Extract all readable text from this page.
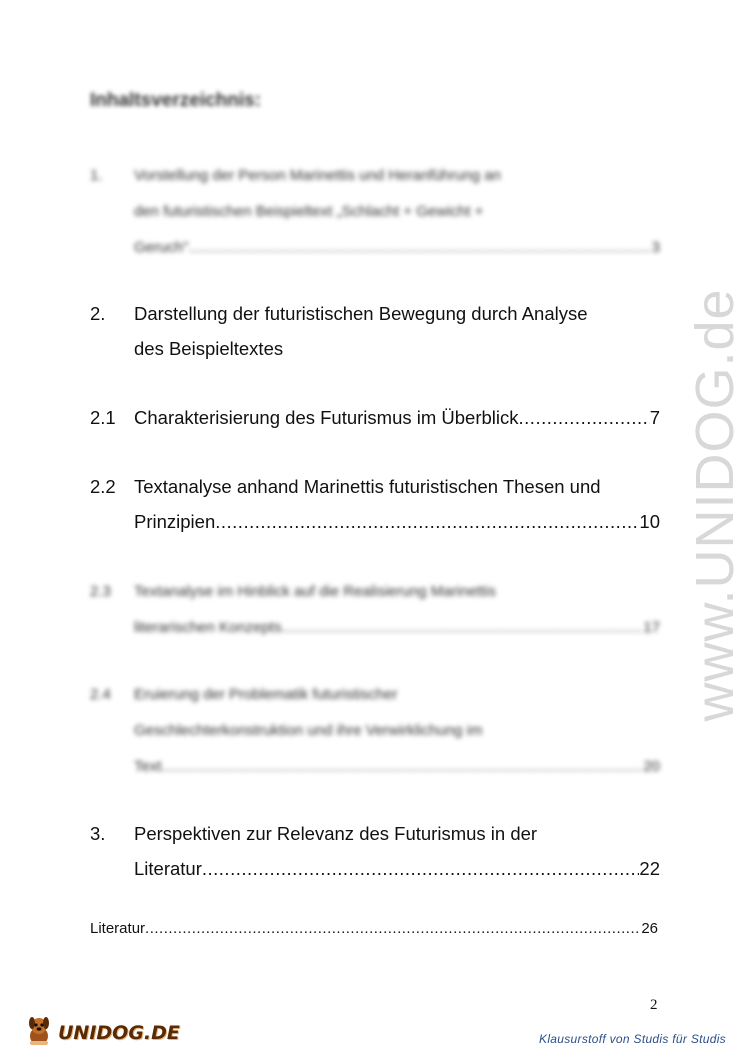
www.UNIDOG.de
Inhaltsverzeichnis:
1.	Vorstellung der Person Marinettis und Heranführung an
den futuristischen Beispieltext „Schlacht + Gewicht +
Geruch" .....	3
2.	Darstellung der futuristischen Bewegung durch Analyse
des Beispieltextes
2.1 Charakterisierung des Futurismus im Überblick .....	7
2.2 Textanalyse anhand Marinettis futuristischen Thesen und
Prinzipien .....	10
2.3	Textanalyse im Hinblick auf die Realisierung Marinettis
literarischen Konzepts .....	17
2.4	Eruierung der Problematik futuristischer
Geschlechterkonstruktion und ihre Verwirklichung im
Text .....	20
3.	Perspektiven zur Relevanz des Futurismus in der
Literatur .....	22
Literatur .....	26
2
UNIDOG.DE	Klausurstoff von Studis für Studis
